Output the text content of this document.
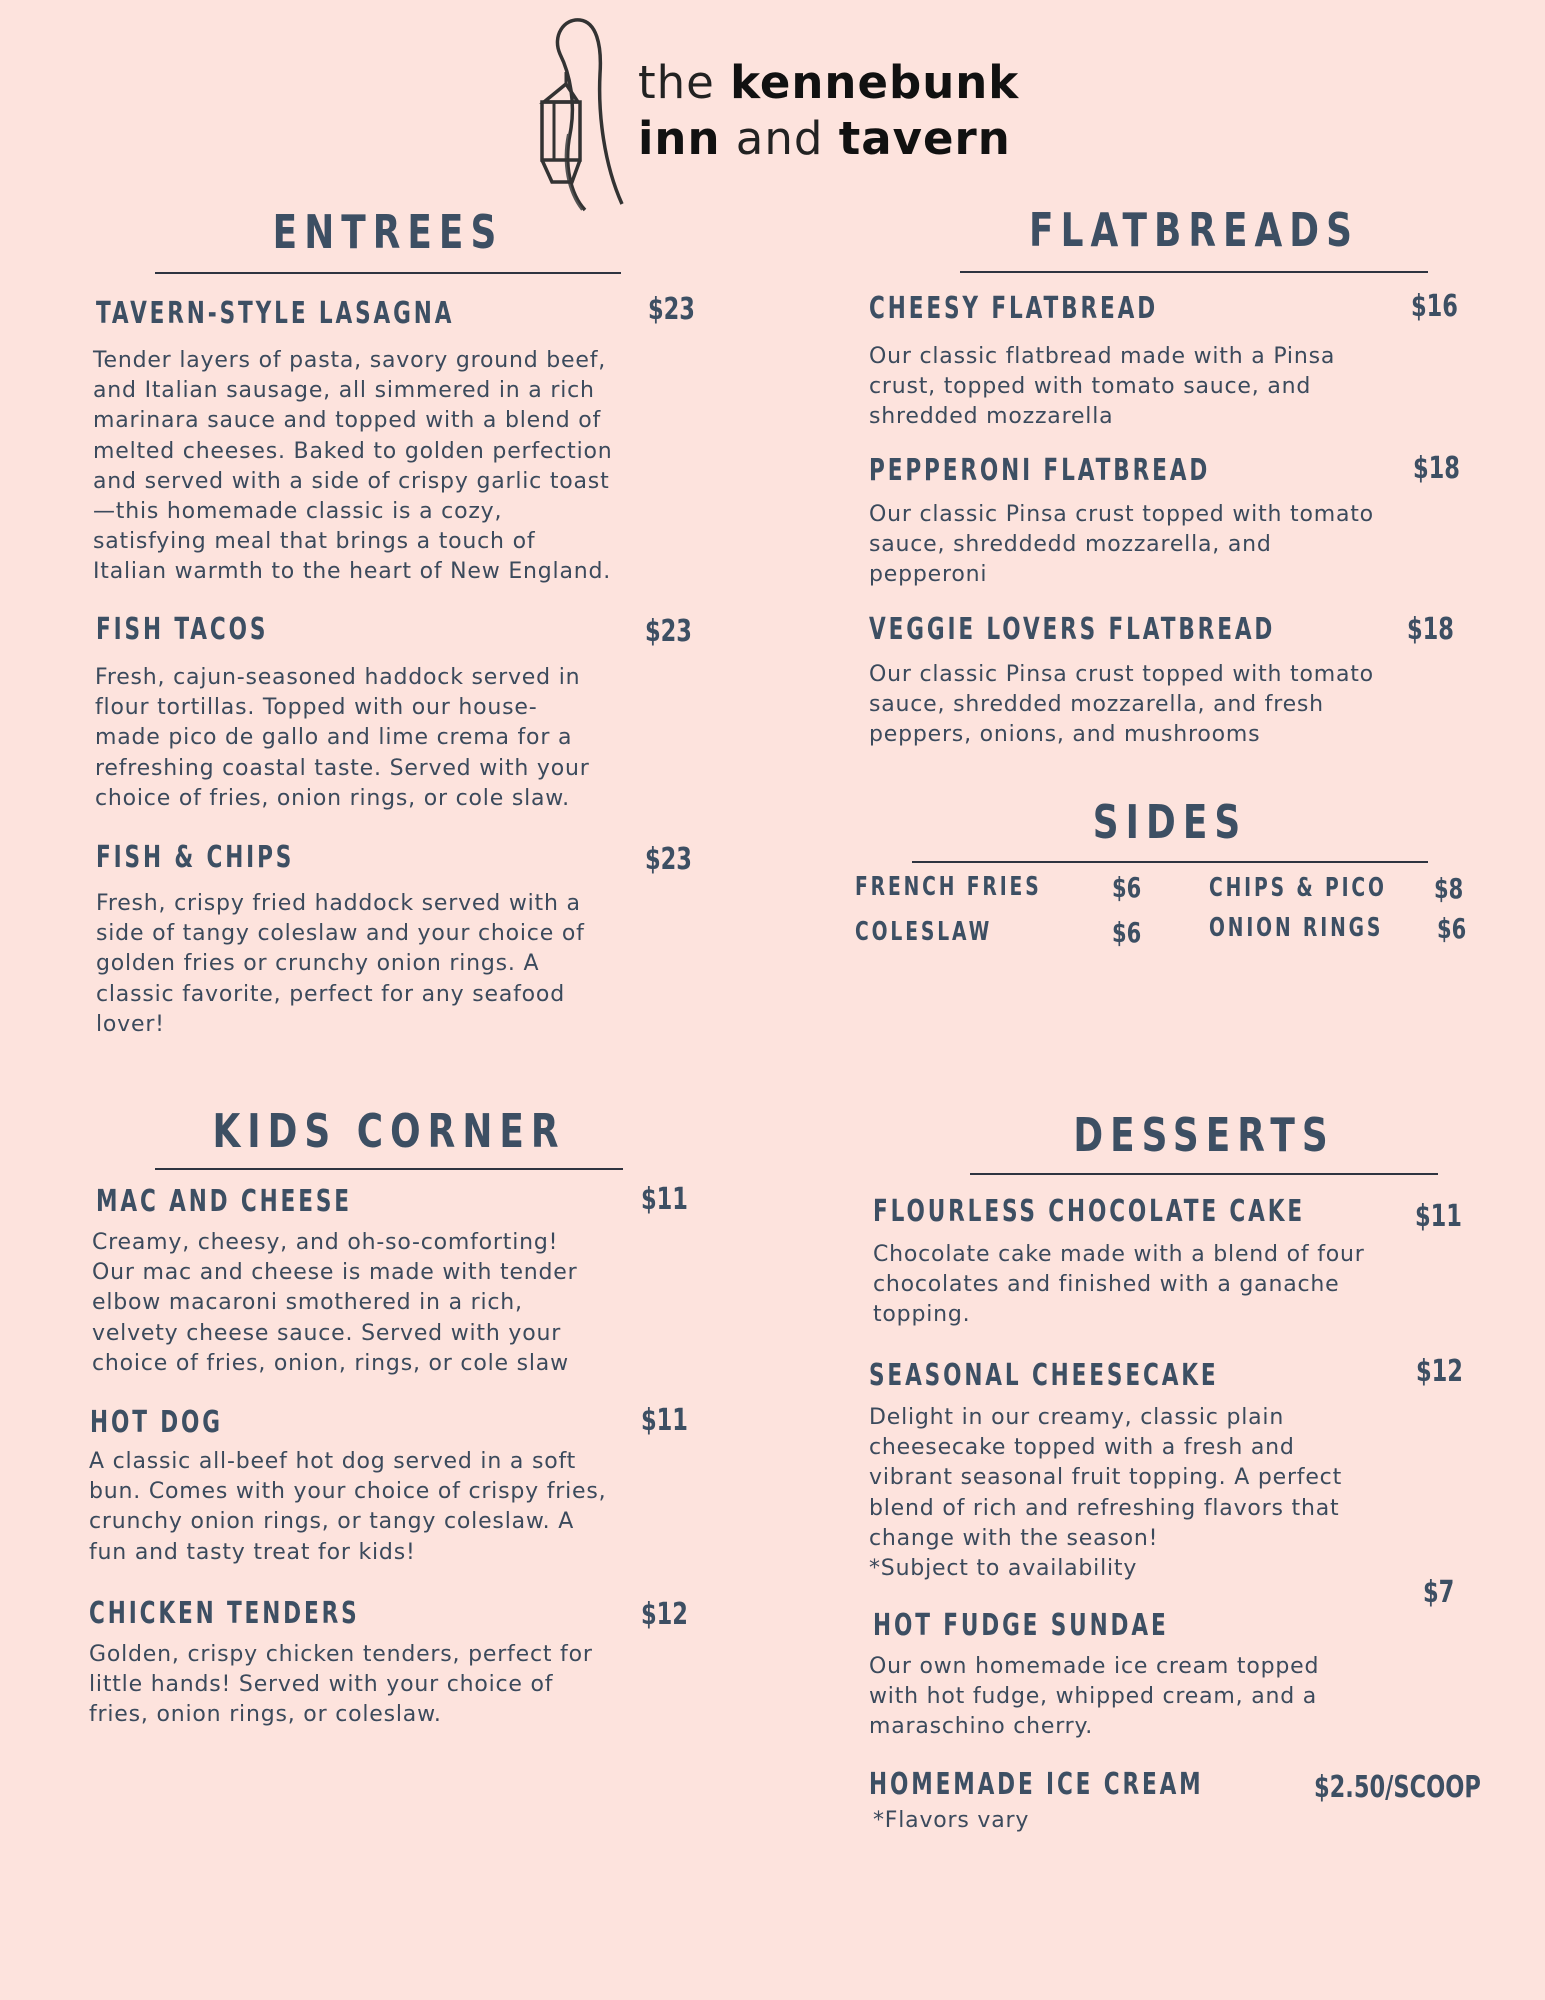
the kennebunk
inn and tavern
ENTREES
TAVERN-STYLE LASAGNA	$23
Tender layers of pasta, savory ground beef,
and Italian sausage, all simmered in a rich
marinara sauce and topped with a blend of
melted cheeses. Baked to golden perfection
and served with a side of crispy garlic toast
—this homemade classic is a cozy,
satisfying meal that brings a touch of
Italian warmth to the heart of New England.
FISH TACOS	$23
Fresh, cajun-seasoned haddock served in
flour tortillas. Topped with our house-
made pico de gallo and lime crema for a
refreshing coastal taste. Served with your
choice of fries, onion rings, or cole slaw.
FISH & CHIPS	$23
Fresh, crispy fried haddock served with a
side of tangy coleslaw and your choice of
golden fries or crunchy onion rings. A
classic favorite, perfect for any seafood
lover!
FLATBREADS
CHEESY FLATBREAD	$16
Our classic flatbread made with a Pinsa
crust, topped with tomato sauce, and
shredded mozzarella
PEPPERONI FLATBREAD	$18
Our classic Pinsa crust topped with tomato
sauce, shreddedd mozzarella, and
pepperoni
VEGGIE LOVERS FLATBREAD	$18
Our classic Pinsa crust topped with tomato
sauce, shredded mozzarella, and fresh
peppers, onions, and mushrooms
SIDES
FRENCH FRIES	$6
COLESLAW	$6
CHIPS & PICO $8
ONION RINGS $6
KIDS CORNER
MAC AND CHEESE	$11
Creamy, cheesy, and oh-so-comforting!
Our mac and cheese is made with tender
elbow macaroni smothered in a rich,
velvety cheese sauce. Served with your
choice of fries, onion, rings, or cole slaw
HOT DOG	$11
A classic all-beef hot dog served in a soft
bun. Comes with your choice of crispy fries,
crunchy onion rings, or tangy coleslaw. A
fun and tasty treat for kids!
CHICKEN TENDERS	$12
Golden, crispy chicken tenders, perfect for
little hands! Served with your choice of
fries, onion rings, or coleslaw.
DESSERTS
FLOURLESS CHOCOLATE CAKE	$11
Chocolate cake made with a blend of four
chocolates and finished with a ganache
topping.
SEASONAL CHEESECAKE	$12
Delight in our creamy, classic plain
cheesecake topped with a fresh and
vibrant seasonal fruit topping. A perfect
blend of rich and refreshing flavors that
change with the season!
*Subject to availability
HOT FUDGE SUNDAE
$7
Our own homemade ice cream topped
with hot fudge, whipped cream, and a
maraschino cherry.
HOMEMADE ICE CREAM	$2.50/SCOOP
*Flavors vary
